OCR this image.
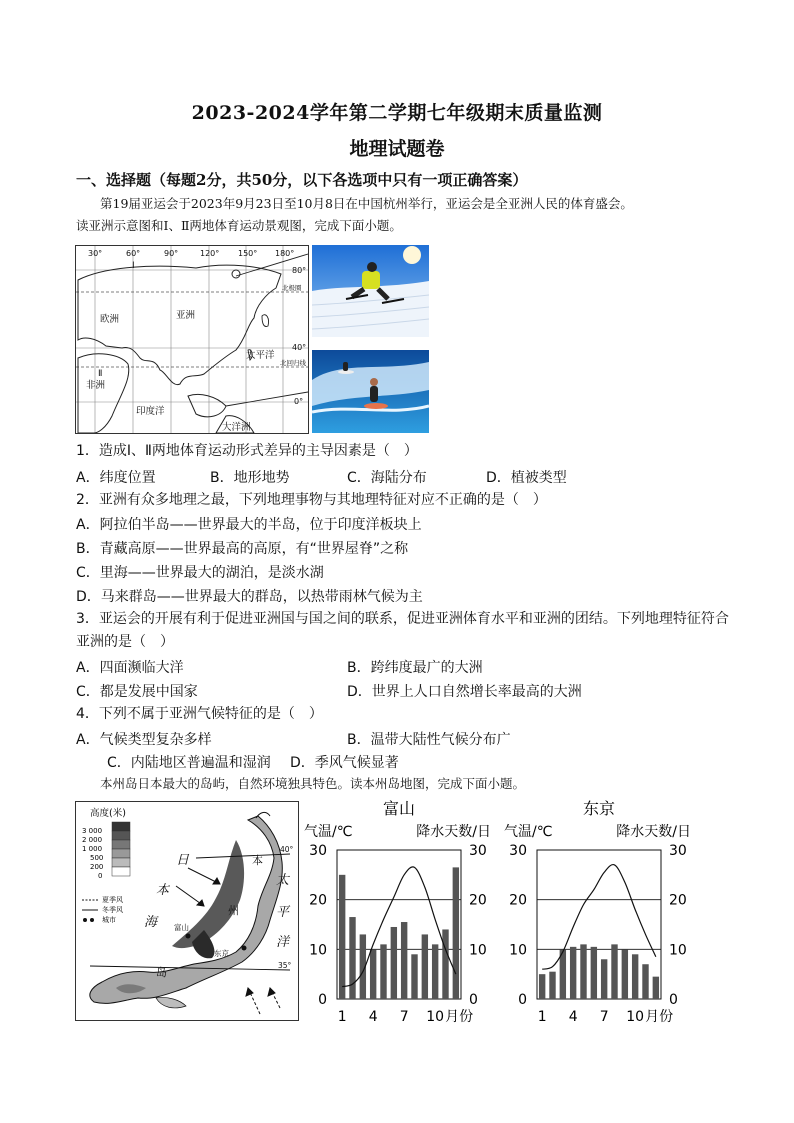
2023-2024学年第二学期七年级期末质量监测
地理试题卷
一、选择题（每题2分，共50分，以下各选项中只有一项正确答案）
第19届亚运会于2023年9月23日至10月8日在中国杭州举行，亚运会是全亚洲人民的体育盛会。
读亚洲示意图和Ⅰ、Ⅱ两地体育运动景观图，完成下面小题。
30°	60°	90°	120° 150° 180°
80°
40°
0°
北极圈
北回归线
欧洲	亚洲
非洲
印度洋
太平洋
大洋洲
Ⅰ
Ⅱ
1．造成Ⅰ、Ⅱ两地体育运动形式差异的主导因素是（　）
A．纬度位置	B．地形地势	C．海陆分布	D．植被类型
2．亚洲有众多地理之最，下列地理事物与其地理特征对应不正确的是（　）
A．阿拉伯半岛——世界最大的半岛，位于印度洋板块上
B．青藏高原——世界最高的高原，有“世界屋脊”之称
C．里海——世界最大的湖泊，是淡水湖
D．马来群岛——世界最大的群岛，以热带雨林气候为主
3．亚运会的开展有利于促进亚洲国与国之间的联系，促进亚洲体育水平和亚洲的团结。下列地理特征符合
亚洲的是（　）
A．四面濒临大洋	B．跨纬度最广的大洲
C．都是发展中国家	D．世界上人口自然增长率最高的大洲
4．下列不属于亚洲气候特征的是（　）
A．气候类型复杂多样	B．温带大陆性气候分布广
C．内陆地区普遍温和湿润 D．季风气候显著
本州岛日本最大的岛屿，自然环境独具特色。读本州岛地图，完成下面小题。
高度(米)
3 000
2 000
1 000
500
200
0
夏季风
冬季风
城市
日
本
海
太
平
洋
本
州
岛
富山
东京
40°
35°
富山
气温/℃	降水天数/日
0	0
10	10
20	20
30	30
1 4 7 10 月份
东京
气温/℃	降水天数/日
0	0
10	10
20	20
30	30
1 4 7 10 月份
